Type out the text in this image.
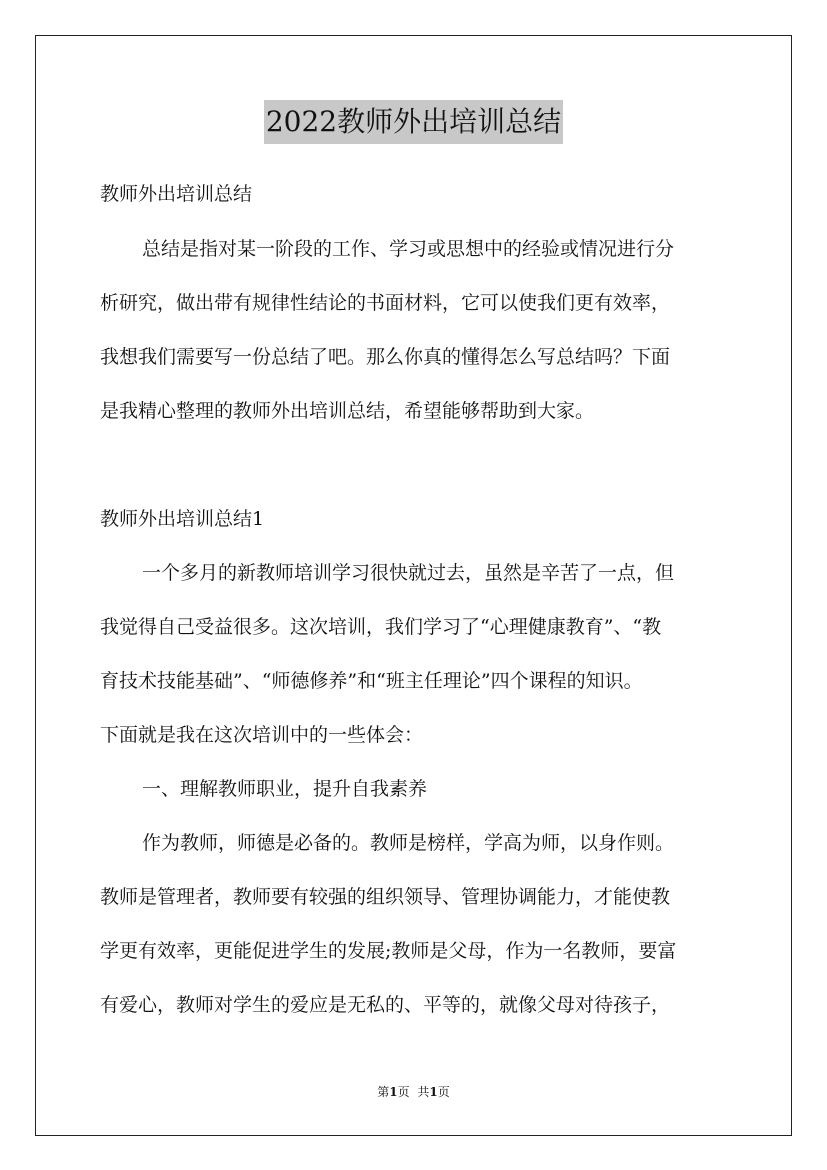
2022教师外出培训总结
教师外出培训总结
总结是指对某一阶段的工作、学习或思想中的经验或情况进行分
析研究，做出带有规律性结论的书面材料，它可以使我们更有效率，
我想我们需要写一份总结了吧。那么你真的懂得怎么写总结吗？下面
是我精心整理的教师外出培训总结，希望能够帮助到大家。
教师外出培训总结1
一个多月的新教师培训学习很快就过去，虽然是辛苦了一点，但
我觉得自己受益很多。这次培训，我们学习了“心理健康教育”、“教
育技术技能基础”、“师德修养”和“班主任理论”四个课程的知识。
下面就是我在这次培训中的一些体会：
一、理解教师职业，提升自我素养
作为教师，师德是必备的。教师是榜样，学高为师，以身作则。
教师是管理者，教师要有较强的组织领导、管理协调能力，才能使教
学更有效率，更能促进学生的发展;教师是父母，作为一名教师，要富
有爱心，教师对学生的爱应是无私的、平等的，就像父母对待孩子，
第1页 共1页
